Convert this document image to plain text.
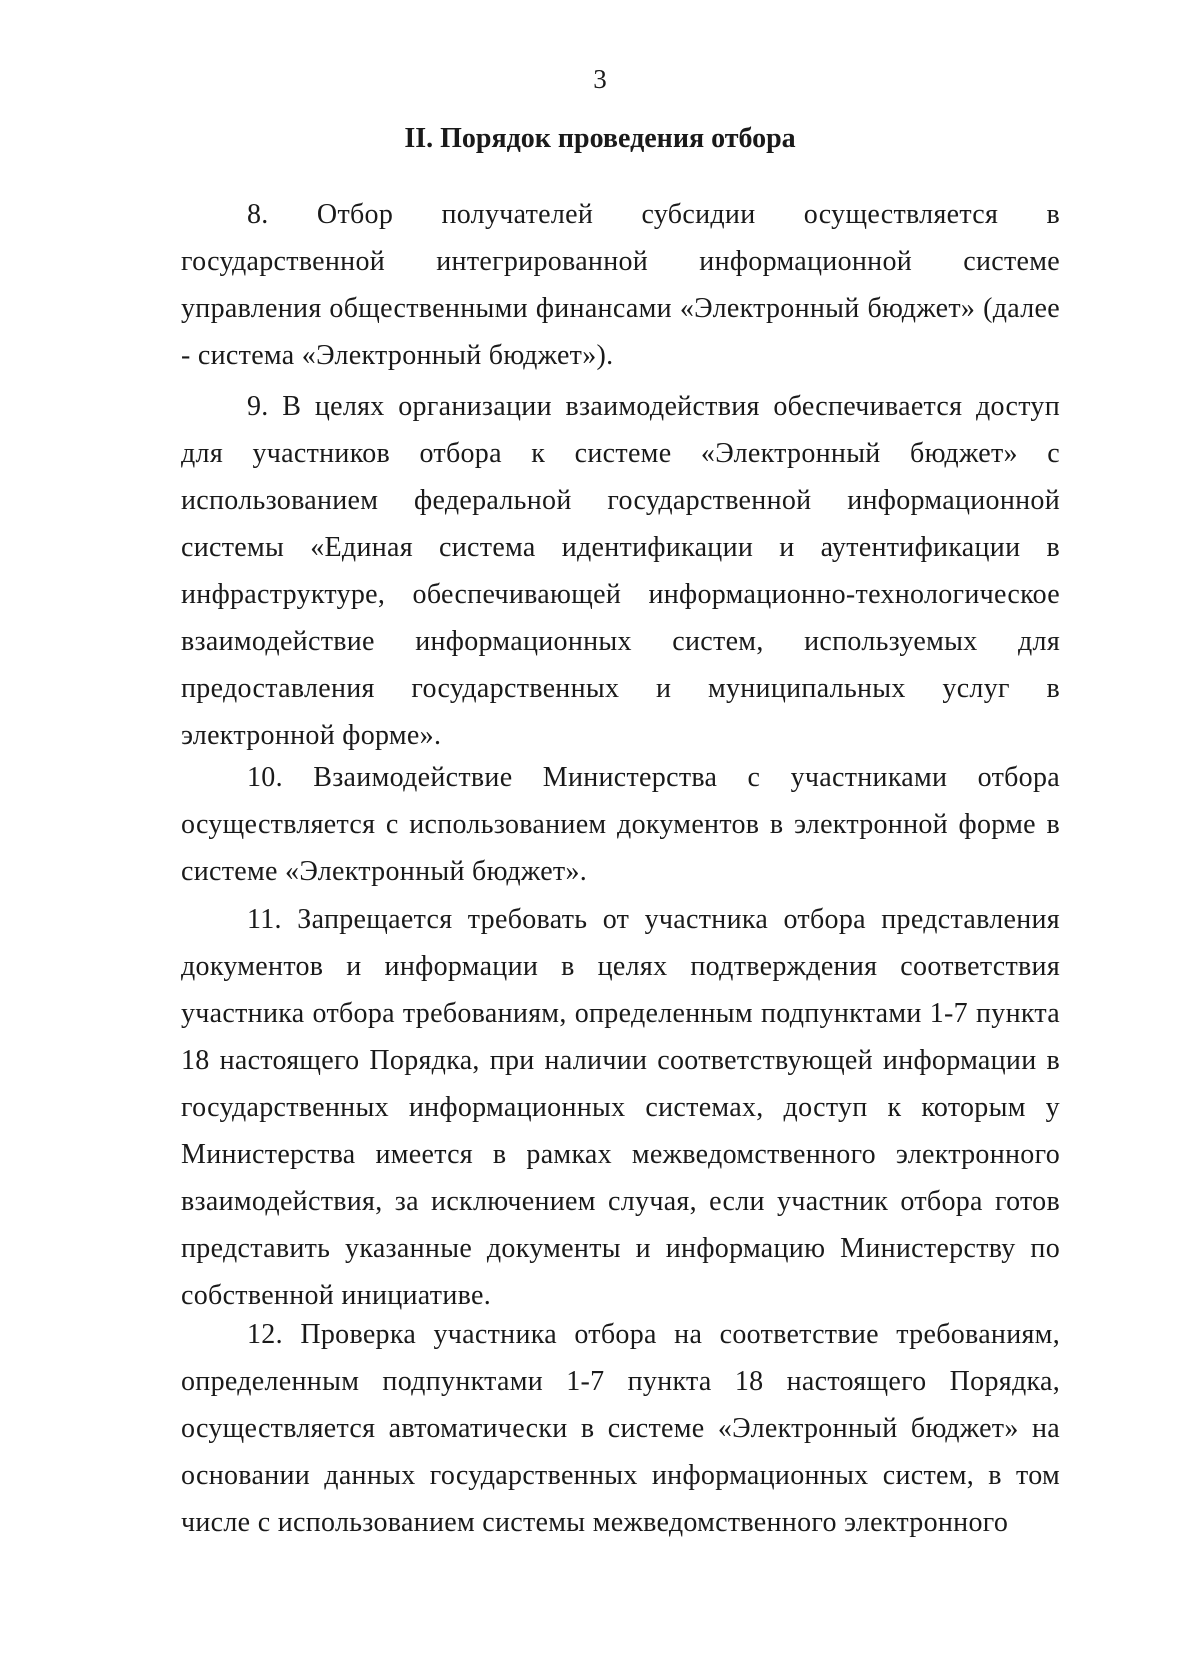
3
II. Порядок проведения отбора

8. Отбор получателей субсидии осуществляется в государственной интегрированной информационной системе управления общественными финансами «Электронный бюджет» (далее - система «Электронный бюджет»).

9. В целях организации взаимодействия обеспечивается доступ для участников отбора к системе «Электронный бюджет» с использованием федеральной государственной информационной системы «Единая система идентификации и аутентификации в инфраструктуре, обеспечивающей информационно-технологическое взаимодействие информационных систем, используемых для предоставления государственных и муниципальных услуг в электронной форме».

10. Взаимодействие Министерства с участниками отбора осуществляется с использованием документов в электронной форме в системе «Электронный бюджет».

11. Запрещается требовать от участника отбора представления документов и информации в целях подтверждения соответствия участника отбора требованиям, определенным подпунктами 1-7 пункта 18 настоящего Порядка, при наличии соответствующей информации в государственных информационных системах, доступ к которым у Министерства имеется в рамках межведомственного электронного взаимодействия, за исключением случая, если участник отбора готов представить указанные документы и информацию Министерству по собственной инициативе.

12. Проверка участника отбора на соответствие требованиям, определенным подпунктами 1-7 пункта 18 настоящего Порядка, осуществляется автоматически в системе «Электронный бюджет» на основании данных государственных информационных систем, в том числе с использованием системы межведомственного электронного
